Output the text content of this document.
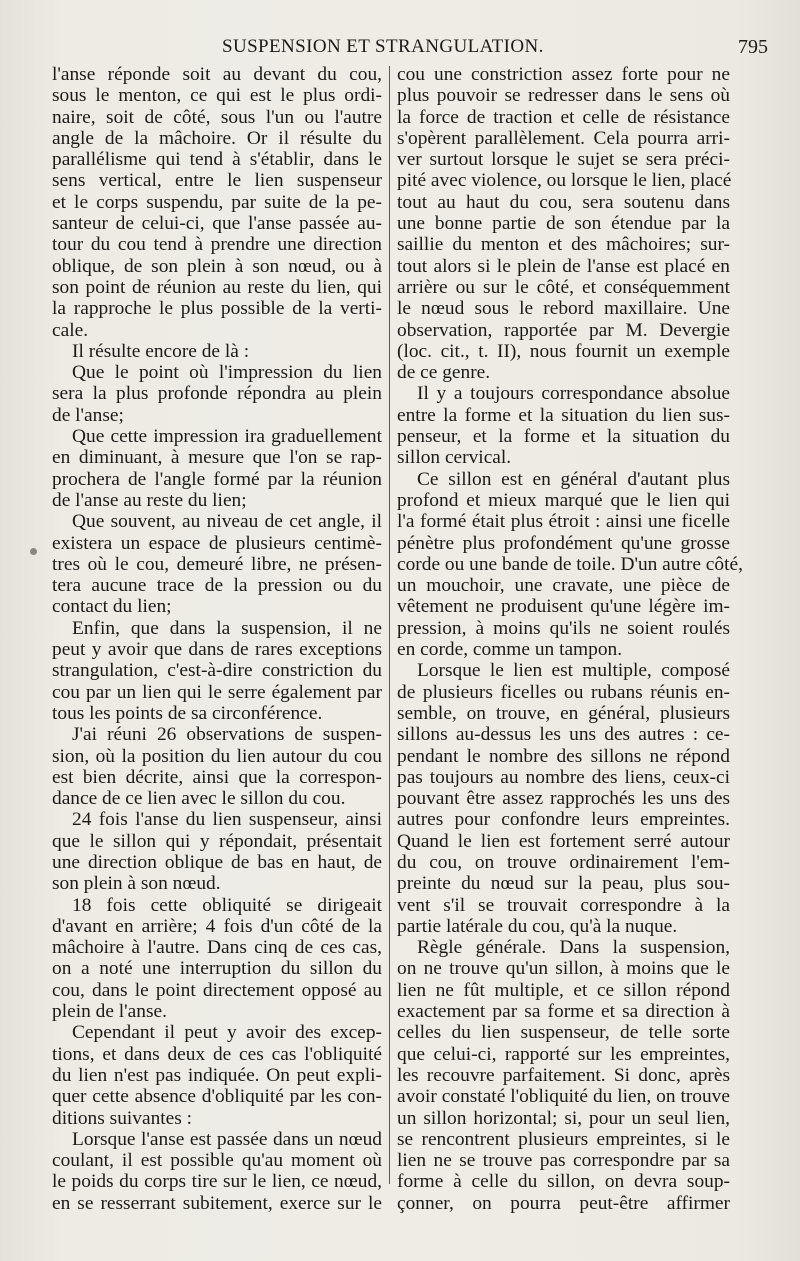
SUSPENSION ET STRANGULATION.	795
l'anse réponde soit au devant du cou,
sous le menton, ce qui est le plus ordi-
naire, soit de côté, sous l'un ou l'autre
angle de la mâchoire. Or il résulte du
parallélisme qui tend à s'établir, dans le
sens vertical, entre le lien suspenseur
et le corps suspendu, par suite de la pe-
santeur de celui-ci, que l'anse passée au-
tour du cou tend à prendre une direction
oblique, de son plein à son nœud, ou à
son point de réunion au reste du lien, qui
la rapproche le plus possible de la verti-
cale.
Il résulte encore de là :
Que le point où l'impression du lien
sera la plus profonde répondra au plein
de l'anse;
Que cette impression ira graduellement
en diminuant, à mesure que l'on se rap-
prochera de l'angle formé par la réunion
de l'anse au reste du lien;
Que souvent, au niveau de cet angle, il
existera un espace de plusieurs centimè-
tres où le cou, demeuré libre, ne présen-
tera aucune trace de la pression ou du
contact du lien;
Enfin, que dans la suspension, il ne
peut y avoir que dans de rares exceptions
strangulation, c'est-à-dire constriction du
cou par un lien qui le serre également par
tous les points de sa circonférence.
J'ai réuni 26 observations de suspen-
sion, où la position du lien autour du cou
est bien décrite, ainsi que la correspon-
dance de ce lien avec le sillon du cou.
24 fois l'anse du lien suspenseur, ainsi
que le sillon qui y répondait, présentait
une direction oblique de bas en haut, de
son plein à son nœud.
18 fois cette obliquité se dirigeait
d'avant en arrière; 4 fois d'un côté de la
mâchoire à l'autre. Dans cinq de ces cas,
on a noté une interruption du sillon du
cou, dans le point directement opposé au
plein de l'anse.
Cependant il peut y avoir des excep-
tions, et dans deux de ces cas l'obliquité
du lien n'est pas indiquée. On peut expli-
quer cette absence d'obliquité par les con-
ditions suivantes :
Lorsque l'anse est passée dans un nœud
coulant, il est possible qu'au moment où
le poids du corps tire sur le lien, ce nœud,
en se resserrant subitement, exerce sur le
cou une constriction assez forte pour ne
plus pouvoir se redresser dans le sens où
la force de traction et celle de résistance
s'opèrent parallèlement. Cela pourra arri-
ver surtout lorsque le sujet se sera préci-
pité avec violence, ou lorsque le lien, placé
tout au haut du cou, sera soutenu dans
une bonne partie de son étendue par la
saillie du menton et des mâchoires; sur-
tout alors si le plein de l'anse est placé en
arrière ou sur le côté, et conséquemment
le nœud sous le rebord maxillaire. Une
observation, rapportée par M. Devergie
(loc. cit., t. II), nous fournit un exemple
de ce genre.
Il y a toujours correspondance absolue
entre la forme et la situation du lien sus-
penseur, et la forme et la situation du
sillon cervical.
Ce sillon est en général d'autant plus
profond et mieux marqué que le lien qui
l'a formé était plus étroit : ainsi une ficelle
pénètre plus profondément qu'une grosse
corde ou une bande de toile. D'un autre côté,
un mouchoir, une cravate, une pièce de
vêtement ne produisent qu'une légère im-
pression, à moins qu'ils ne soient roulés
en corde, comme un tampon.
Lorsque le lien est multiple, composé
de plusieurs ficelles ou rubans réunis en-
semble, on trouve, en général, plusieurs
sillons au-dessus les uns des autres : ce-
pendant le nombre des sillons ne répond
pas toujours au nombre des liens, ceux-ci
pouvant être assez rapprochés les uns des
autres pour confondre leurs empreintes.
Quand le lien est fortement serré autour
du cou, on trouve ordinairement l'em-
preinte du nœud sur la peau, plus sou-
vent s'il se trouvait correspondre à la
partie latérale du cou, qu'à la nuque.
Règle générale. Dans la suspension,
on ne trouve qu'un sillon, à moins que le
lien ne fût multiple, et ce sillon répond
exactement par sa forme et sa direction à
celles du lien suspenseur, de telle sorte
que celui-ci, rapporté sur les empreintes,
les recouvre parfaitement. Si donc, après
avoir constaté l'obliquité du lien, on trouve
un sillon horizontal; si, pour un seul lien,
se rencontrent plusieurs empreintes, si le
lien ne se trouve pas correspondre par sa
forme à celle du sillon, on devra soup-
çonner, on pourra peut-être affirmer
